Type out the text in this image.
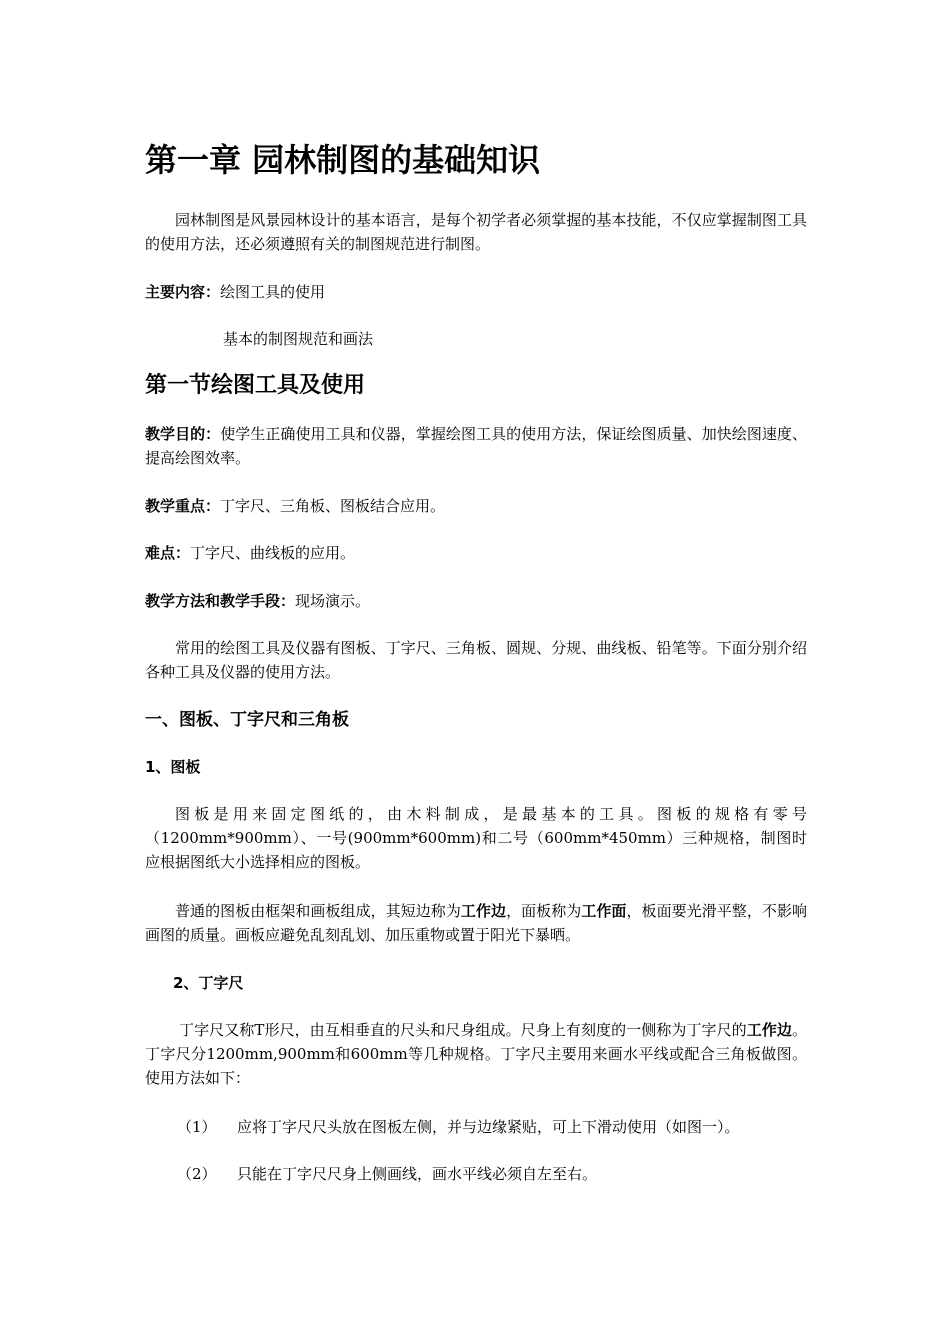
第一章 园林制图的基础知识
园林制图是风景园林设计的基本语言，是每个初学者必须掌握的基本技能，不仅应掌握制图工具的使用方法，还必须遵照有关的制图规范进行制图。
主要内容：绘图工具的使用
基本的制图规范和画法
第一节绘图工具及使用
教学目的：使学生正确使用工具和仪器，掌握绘图工具的使用方法，保证绘图质量、加快绘图速度、提高绘图效率。
教学重点：丁字尺、三角板、图板结合应用。
难点：丁字尺、曲线板的应用。
教学方法和教学手段：现场演示。
常用的绘图工具及仪器有图板、丁字尺、三角板、圆规、分规、曲线板、铅笔等。下面分别介绍各种工具及仪器的使用方法。
一、图板、丁字尺和三角板
1、图板
图板是用来固定图纸的，由木料制成，是最基本的工具。图板的规格有零号（1200mm*900mm）、一号(900mm*600mm)和二号（600mm*450mm）三种规格，制图时应根据图纸大小选择相应的图板。
普通的图板由框架和画板组成，其短边称为工作边，面板称为工作面，板面要光滑平整，不影响画图的质量。画板应避免乱刻乱划、加压重物或置于阳光下暴晒。
2、丁字尺
丁字尺又称T形尺，由互相垂直的尺头和尺身组成。尺身上有刻度的一侧称为丁字尺的工作边。丁字尺分1200mm,900mm和600mm等几种规格。丁字尺主要用来画水平线或配合三角板做图。使用方法如下：
（1） 应将丁字尺尺头放在图板左侧，并与边缘紧贴，可上下滑动使用（如图一）。
（2） 只能在丁字尺尺身上侧画线，画水平线必须自左至右。
